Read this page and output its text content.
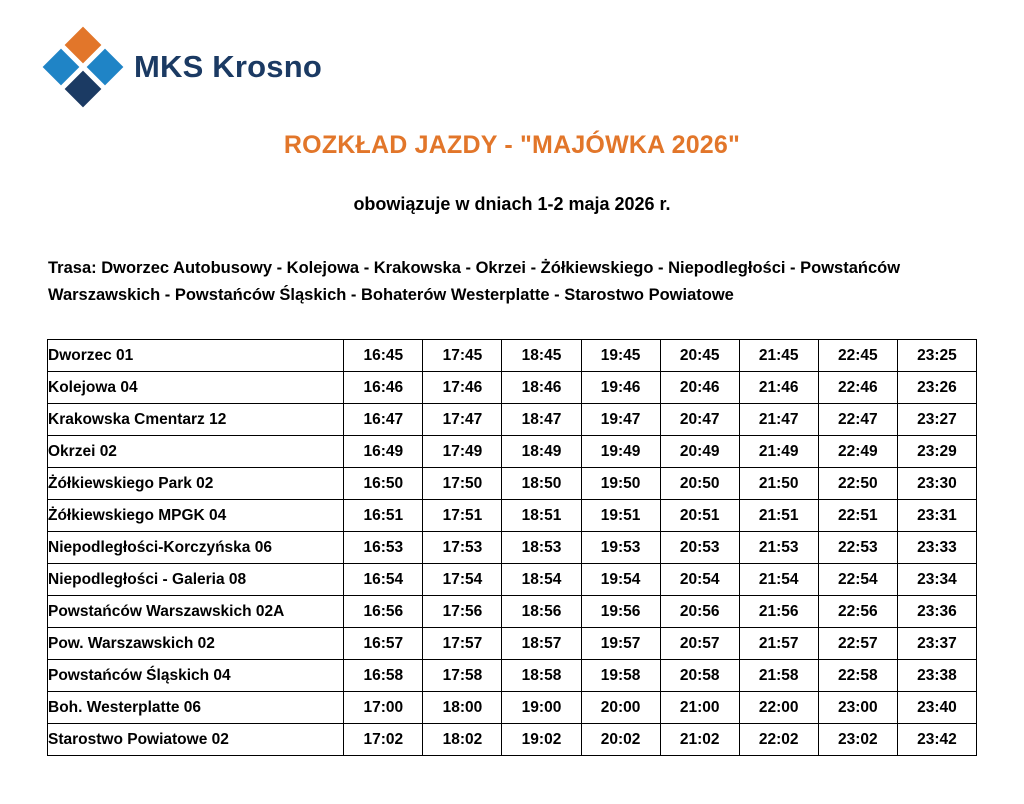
MKS Krosno
ROZKŁAD JAZDY - "MAJÓWKA 2026"
obowiązuje w dniach 1-2 maja 2026 r.
Trasa: Dworzec Autobusowy - Kolejowa - Krakowska - Okrzei - Żółkiewskiego - Niepodległości - Powstańców
Warszawskich - Powstańców Śląskich - Bohaterów Westerplatte - Starostwo Powiatowe
Dworzec 01	16:45	17:45	18:45	19:45	20:45	21:45	22:45	23:25
Kolejowa 04	16:46	17:46	18:46	19:46	20:46	21:46	22:46	23:26
Krakowska Cmentarz 12	16:47	17:47	18:47	19:47	20:47	21:47	22:47	23:27
Okrzei 02	16:49	17:49	18:49	19:49	20:49	21:49	22:49	23:29
Żółkiewskiego Park 02	16:50	17:50	18:50	19:50	20:50	21:50	22:50	23:30
Żółkiewskiego MPGK 04	16:51	17:51	18:51	19:51	20:51	21:51	22:51	23:31
Niepodległości-Korczyńska 06	16:53	17:53	18:53	19:53	20:53	21:53	22:53	23:33
Niepodległości - Galeria 08	16:54	17:54	18:54	19:54	20:54	21:54	22:54	23:34
Powstańców Warszawskich 02A	16:56	17:56	18:56	19:56	20:56	21:56	22:56	23:36
Pow. Warszawskich 02	16:57	17:57	18:57	19:57	20:57	21:57	22:57	23:37
Powstańców Śląskich 04	16:58	17:58	18:58	19:58	20:58	21:58	22:58	23:38
Boh. Westerplatte 06	17:00	18:00	19:00	20:00	21:00	22:00	23:00	23:40
Starostwo Powiatowe 02	17:02	18:02	19:02	20:02	21:02	22:02	23:02	23:42
